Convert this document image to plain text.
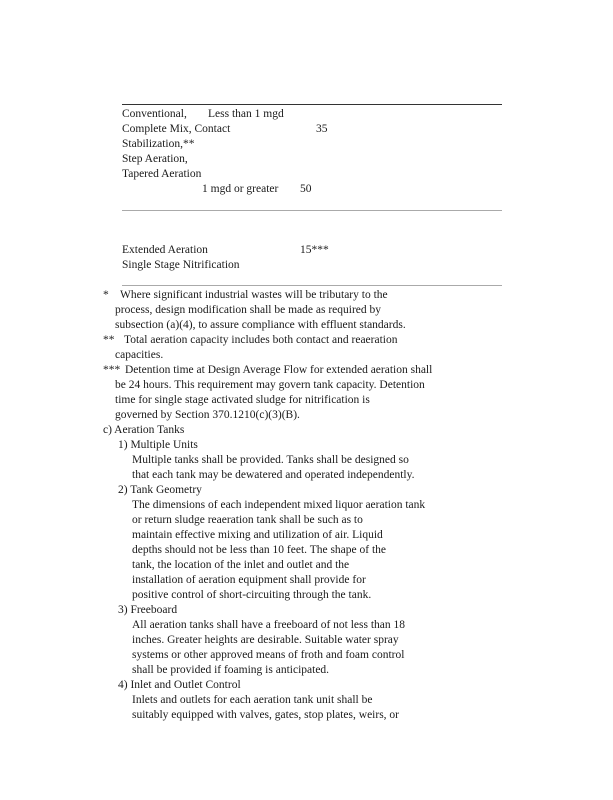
Conventional, Less than 1 mgd
Complete Mix, Contact	35
Stabilization,**
Step Aeration,
Tapered Aeration
1 mgd or greater 50
Extended Aeration	15***
Single Stage Nitrification
* Where significant industrial wastes will be tributary to the
process, design modification shall be made as required by
subsection (a)(4), to assure compliance with effluent standards.
** Total aeration capacity includes both contact and reaeration
capacities.
*** Detention time at Design Average Flow for extended aeration shall
be 24 hours. This requirement may govern tank capacity. Detention
time for single stage activated sludge for nitrification is
governed by Section 370.1210(c)(3)(B).
c) Aeration Tanks
1) Multiple Units
Multiple tanks shall be provided. Tanks shall be designed so
that each tank may be dewatered and operated independently.
2) Tank Geometry
The dimensions of each independent mixed liquor aeration tank
or return sludge reaeration tank shall be such as to
maintain effective mixing and utilization of air. Liquid
depths should not be less than 10 feet. The shape of the
tank, the location of the inlet and outlet and the
installation of aeration equipment shall provide for
positive control of short-circuiting through the tank.
3) Freeboard
All aeration tanks shall have a freeboard of not less than 18
inches. Greater heights are desirable. Suitable water spray
systems or other approved means of froth and foam control
shall be provided if foaming is anticipated.
4) Inlet and Outlet Control
Inlets and outlets for each aeration tank unit shall be
suitably equipped with valves, gates, stop plates, weirs, or
